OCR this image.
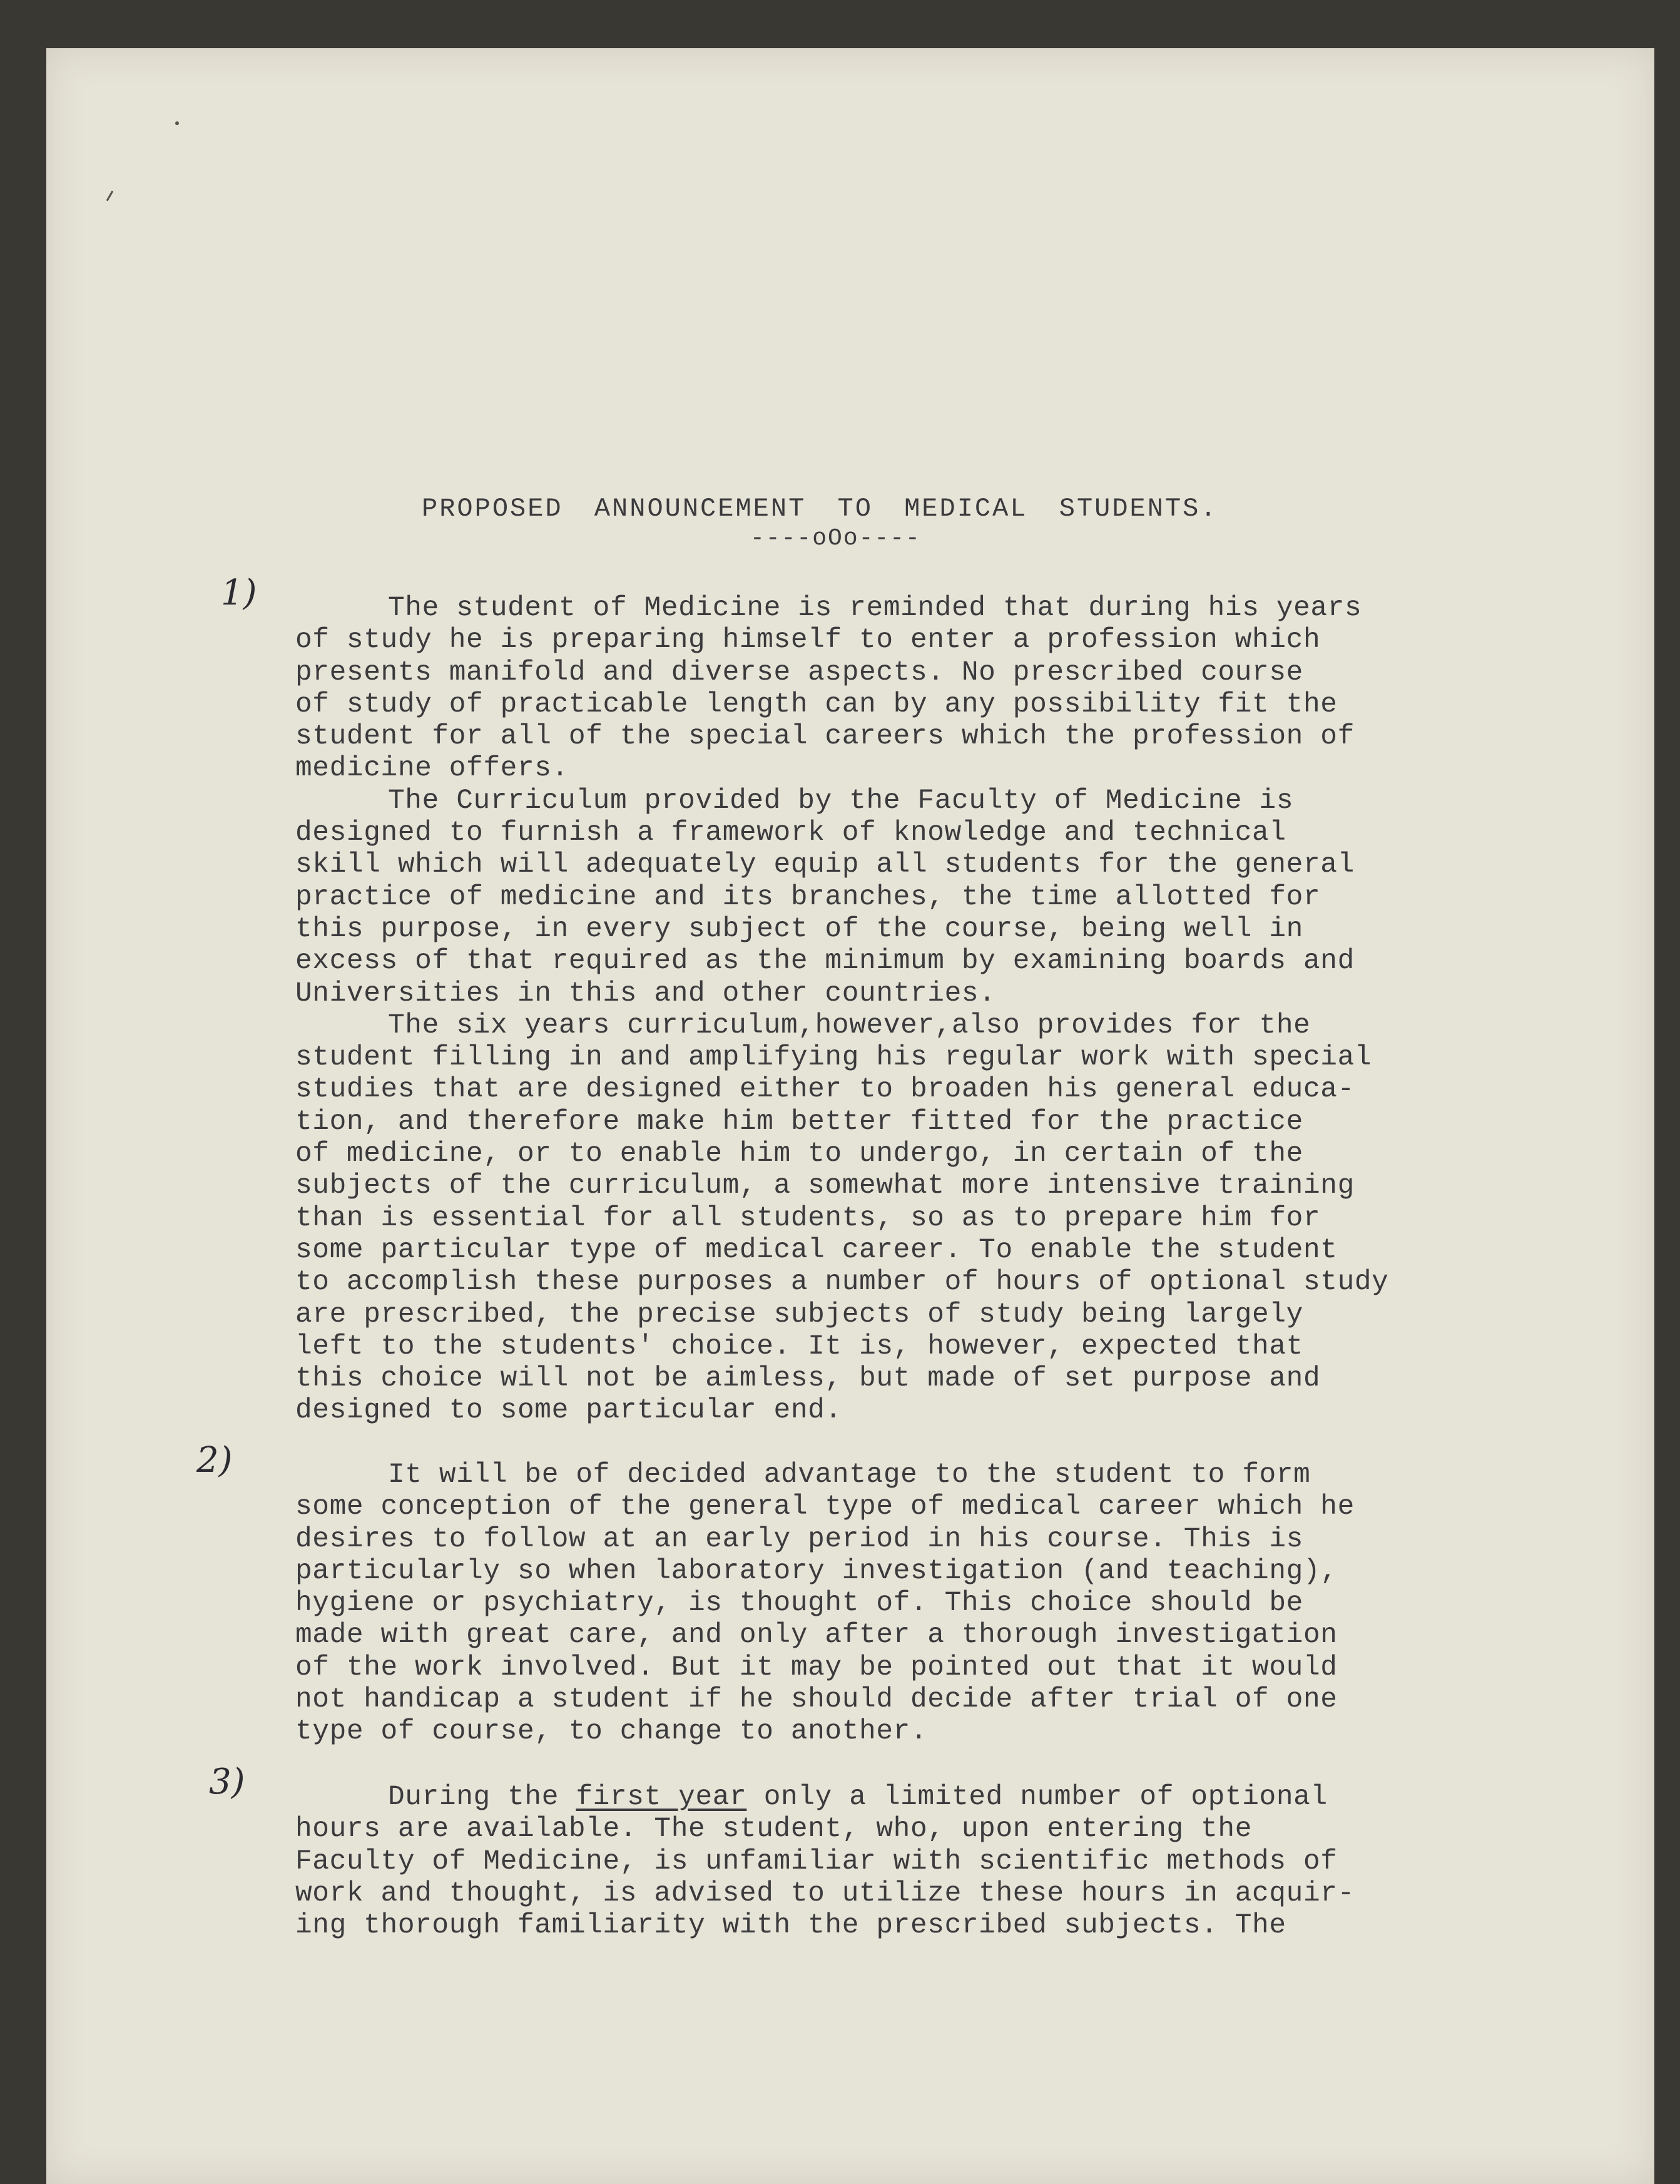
PROPOSED ANNOUNCEMENT TO MEDICAL STUDENTS.
----oOo----
1)	The student of Medicine is reminded that during his years
of study he is preparing himself to enter a profession which
presents manifold and diverse aspects. No prescribed course
of study of practicable length can by any possibility fit the
student for all of the special careers which the profession of
medicine offers.
The Curriculum provided by the Faculty of Medicine is
designed to furnish a framework of knowledge and technical
skill which will adequately equip all students for the general
practice of medicine and its branches, the time allotted for
this purpose, in every subject of the course, being well in
excess of that required as the minimum by examining boards and
Universities in this and other countries.
The six years curriculum,however,also provides for the
student filling in and amplifying his regular work with special
studies that are designed either to broaden his general educa-
tion, and therefore make him better fitted for the practice
of medicine, or to enable him to undergo, in certain of the
subjects of the curriculum, a somewhat more intensive training
than is essential for all students, so as to prepare him for
some particular type of medical career. To enable the student
to accomplish these purposes a number of hours of optional study
are prescribed, the precise subjects of study being largely
left to the students' choice. It is, however, expected that
this choice will not be aimless, but made of set purpose and
designed to some particular end.
2)	It will be of decided advantage to the student to form
some conception of the general type of medical career which he
desires to follow at an early period in his course. This is
particularly so when laboratory investigation (and teaching),
hygiene or psychiatry, is thought of. This choice should be
made with great care, and only after a thorough investigation
of the work involved. But it may be pointed out that it would
not handicap a student if he should decide after trial of one
type of course, to change to another.
3)	During the first year only a limited number of optional
hours are available. The student, who, upon entering the
Faculty of Medicine, is unfamiliar with scientific methods of
work and thought, is advised to utilize these hours in acquir-
ing thorough familiarity with the prescribed subjects. The
